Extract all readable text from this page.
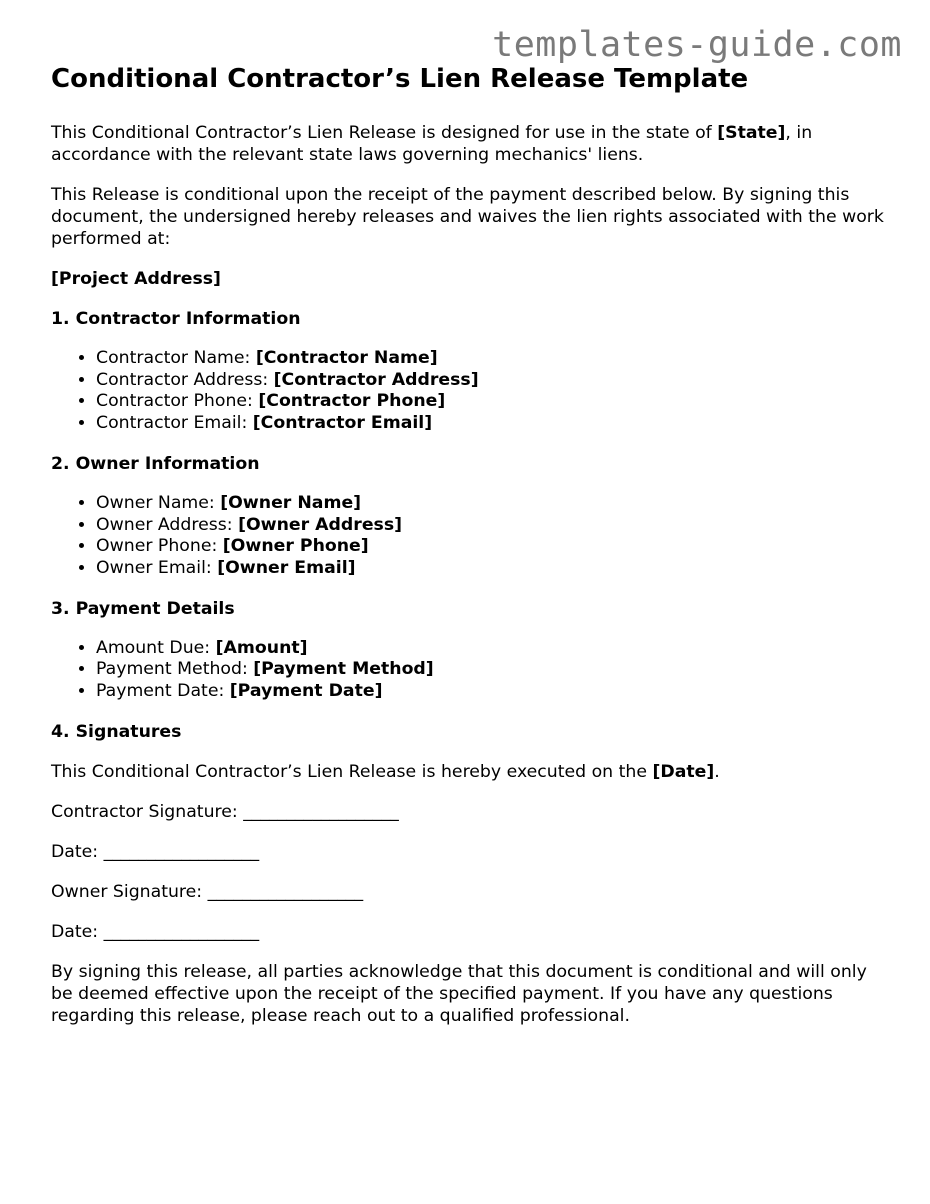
templates-guide.com
Conditional Contractor’s Lien Release Template

This Conditional Contractor’s Lien Release is designed for use in the state of [State], in accordance with the relevant state laws governing mechanics' liens.

This Release is conditional upon the receipt of the payment described below. By signing this document, the undersigned hereby releases and waives the lien rights associated with the work performed at:

[Project Address]
1. Contractor Information
• Contractor Name: [Contractor Name]
• Contractor Address: [Contractor Address]
• Contractor Phone: [Contractor Phone]
• Contractor Email: [Contractor Email]
2. Owner Information
• Owner Name: [Owner Name]
• Owner Address: [Owner Address]
• Owner Phone: [Owner Phone]
• Owner Email: [Owner Email]
3. Payment Details
• Amount Due: [Amount]
• Payment Method: [Payment Method]
• Payment Date: [Payment Date]
4. Signatures

This Conditional Contractor’s Lien Release is hereby executed on the [Date].

Contractor Signature: __________________

Date: __________________

Owner Signature: __________________

Date: __________________

By signing this release, all parties acknowledge that this document is conditional and will only be deemed effective upon the receipt of the specified payment. If you have any questions regarding this release, please reach out to a qualified professional.
